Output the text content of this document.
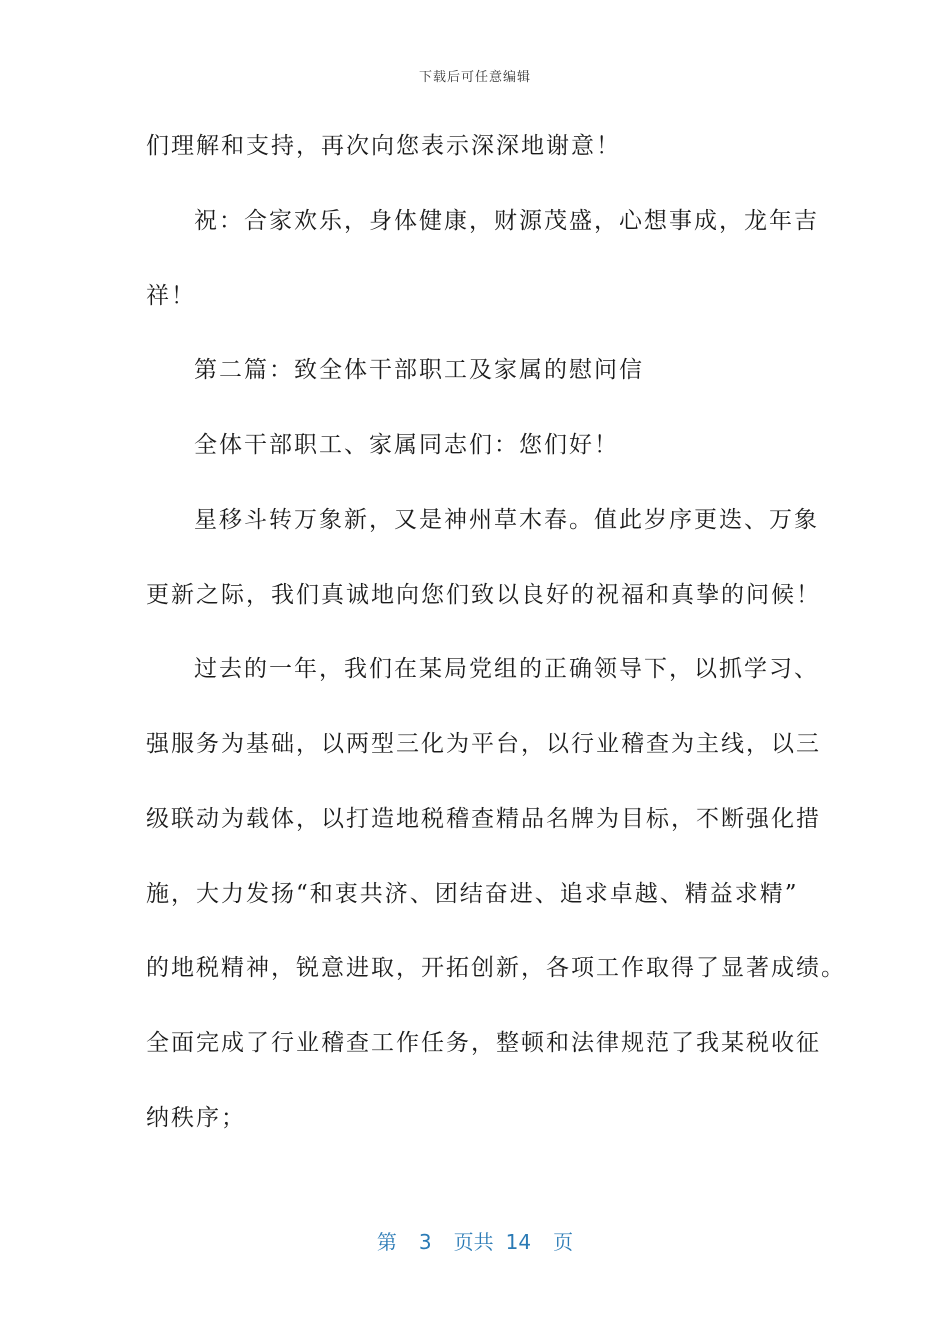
下载后可任意编辑
们理解和支持，再次向您表示深深地谢意！
祝：合家欢乐，身体健康，财源茂盛，心想事成，龙年吉
祥！
第二篇：致全体干部职工及家属的慰问信
全体干部职工、家属同志们：您们好！
星移斗转万象新，又是神州草木春。值此岁序更迭、万象
更新之际，我们真诚地向您们致以良好的祝福和真挚的问候！
过去的一年，我们在某局党组的正确领导下，以抓学习、
强服务为基础，以两型三化为平台，以行业稽查为主线，以三
级联动为载体，以打造地税稽查精品名牌为目标，不断强化措
施，大力发扬“和衷共济、团结奋进、追求卓越、精益求精”
的地税精神，锐意进取，开拓创新，各项工作取得了显著成绩。
全面完成了行业稽查工作任务，整顿和法律规范了我某税收征
纳秩序；
第 3 页共 14 页
